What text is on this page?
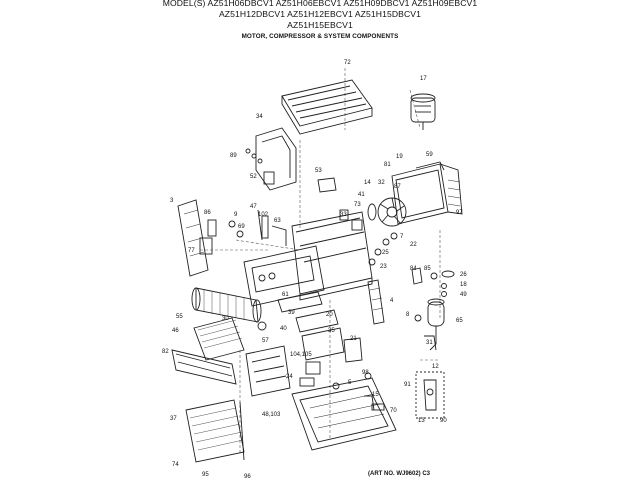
MODEL(S) AZ51H06DBCV1 AZ51H06EBCV1 AZ51H09DBCV1 AZ51H09EBCV1
AZ51H12DBCV1 AZ51H12EBCV1 AZ51H15DBCV1
AZ51H15EBCV1
MOTOR, COMPRESSOR & SYSTEM COMPONENTS
72
17
34
89
52
53
19	59
81
14 32
87
41
73
97
3
86	9
47
102
63
69
33
7
22
77	25
23	84 85
26
18
49
61
4
8
65
55	30
39	20
40	35
46
57
104,105
21
31
82
24
5
98
12
91
15
70
13	90
48,103
37
74
95	96	(ART NO. WJ9602) C3
